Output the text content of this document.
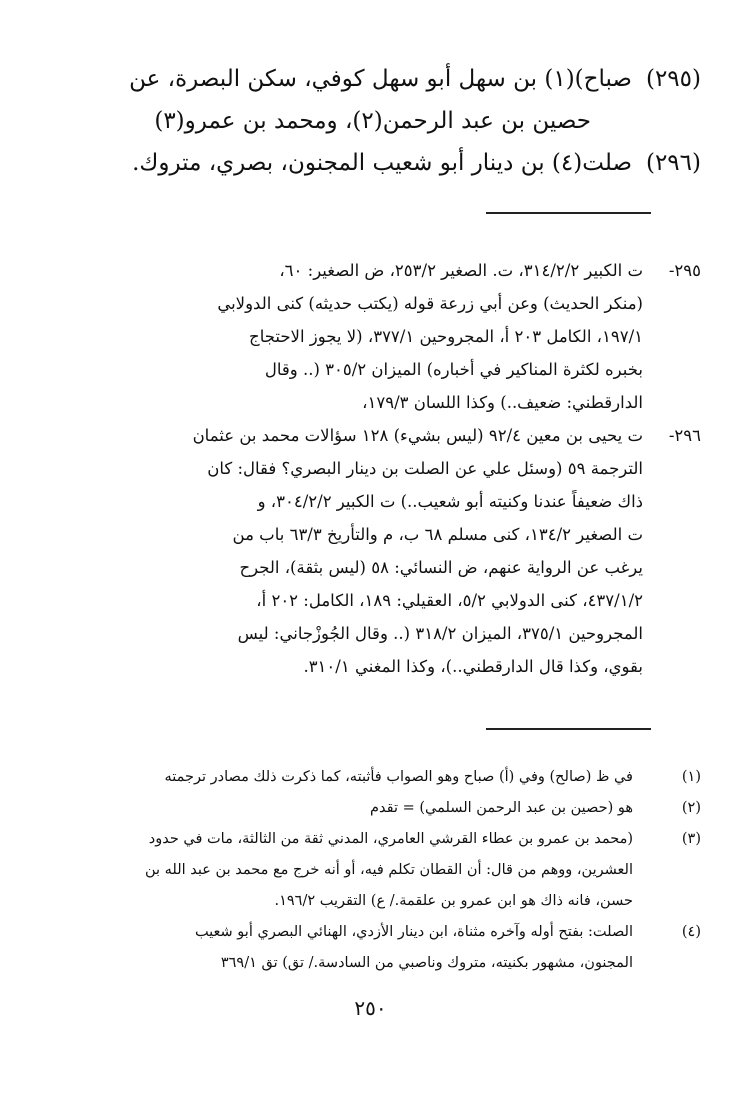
(٢٩٥)صباح)(١) بن سهل أبو سهل كوفي، سكن البصرة، عن
حصين بن عبد الرحمن(٢)، ومحمد بن عمرو(٣)
(٢٩٦)صلت(٤) بن دينار أبو شعيب المجنون، بصري، متروك.
٢٩٥-
ت الكبير ٣١٤/٢/٢، ت. الصغير ٢٥٣/٢، ض الصغير: ٦٠،
(منكر الحديث) وعن أبي زرعة قوله (يكتب حديثه) كنى الدولابي
١٩٧/١، الكامل ٢٠٣ أ، المجروحين ٣٧٧/١، (لا يجوز الاحتجاج
بخبره لكثرة المناكير في أخباره) الميزان ٣٠٥/٢ (.. وقال
الدارقطني: ضعيف..) وكذا اللسان ١٧٩/٣،
٢٩٦-
ت يحيى بن معين ٩٢/٤ (ليس بشيء) ١٢٨ سؤالات محمد بن عثمان
الترجمة ٥٩ (وسئل علي عن الصلت بن دينار البصري؟ فقال: كان
ذاك ضعيفاً عندنا وكنيته أبو شعيب..) ت الكبير ٣٠٤/٢/٢، و
ت الصغير ١٣٤/٢، كنى مسلم ٦٨ ب، م والتأريخ ٦٣/٣ باب من
يرغب عن الرواية عنهم، ض النسائي: ٥٨ (ليس بثقة)، الجرح
٤٣٧/١/٢، كنى الدولابي ٥/٢، العقيلي: ١٨٩، الكامل: ٢٠٢ أ،
المجروحين ٣٧٥/١، الميزان ٣١٨/٢ (.. وقال الجُوزْجاني: ليس
بقوي، وكذا قال الدارقطني..)، وكذا المغني ٣١٠/١.
(١)
في ظ (صالح) وفي (أ) صباح وهو الصواب فأثبته، كما ذكرت ذلك مصادر ترجمته
(٢)
هو (حصين بن عبد الرحمن السلمي) = تقدم
(٣)
(محمد بن عمرو بن عطاء القرشي العامري، المدني ثقة من الثالثة، مات في حدود
العشرين، ووهم من قال: أن القطان تكلم فيه، أو أنه خرج مع محمد بن عبد الله بن
حسن، فانه ذاك هو ابن عمرو بن علقمة./ ع) التقريب ١٩٦/٢.
(٤)
الصلت: بفتح أوله وآخره مثناة، ابن دينار الأزدي، الهنائي البصري أبو شعيب
المجنون، مشهور بكنيته، متروك وناصبي من السادسة./ تق) تق ٣٦٩/١
٢٥٠
